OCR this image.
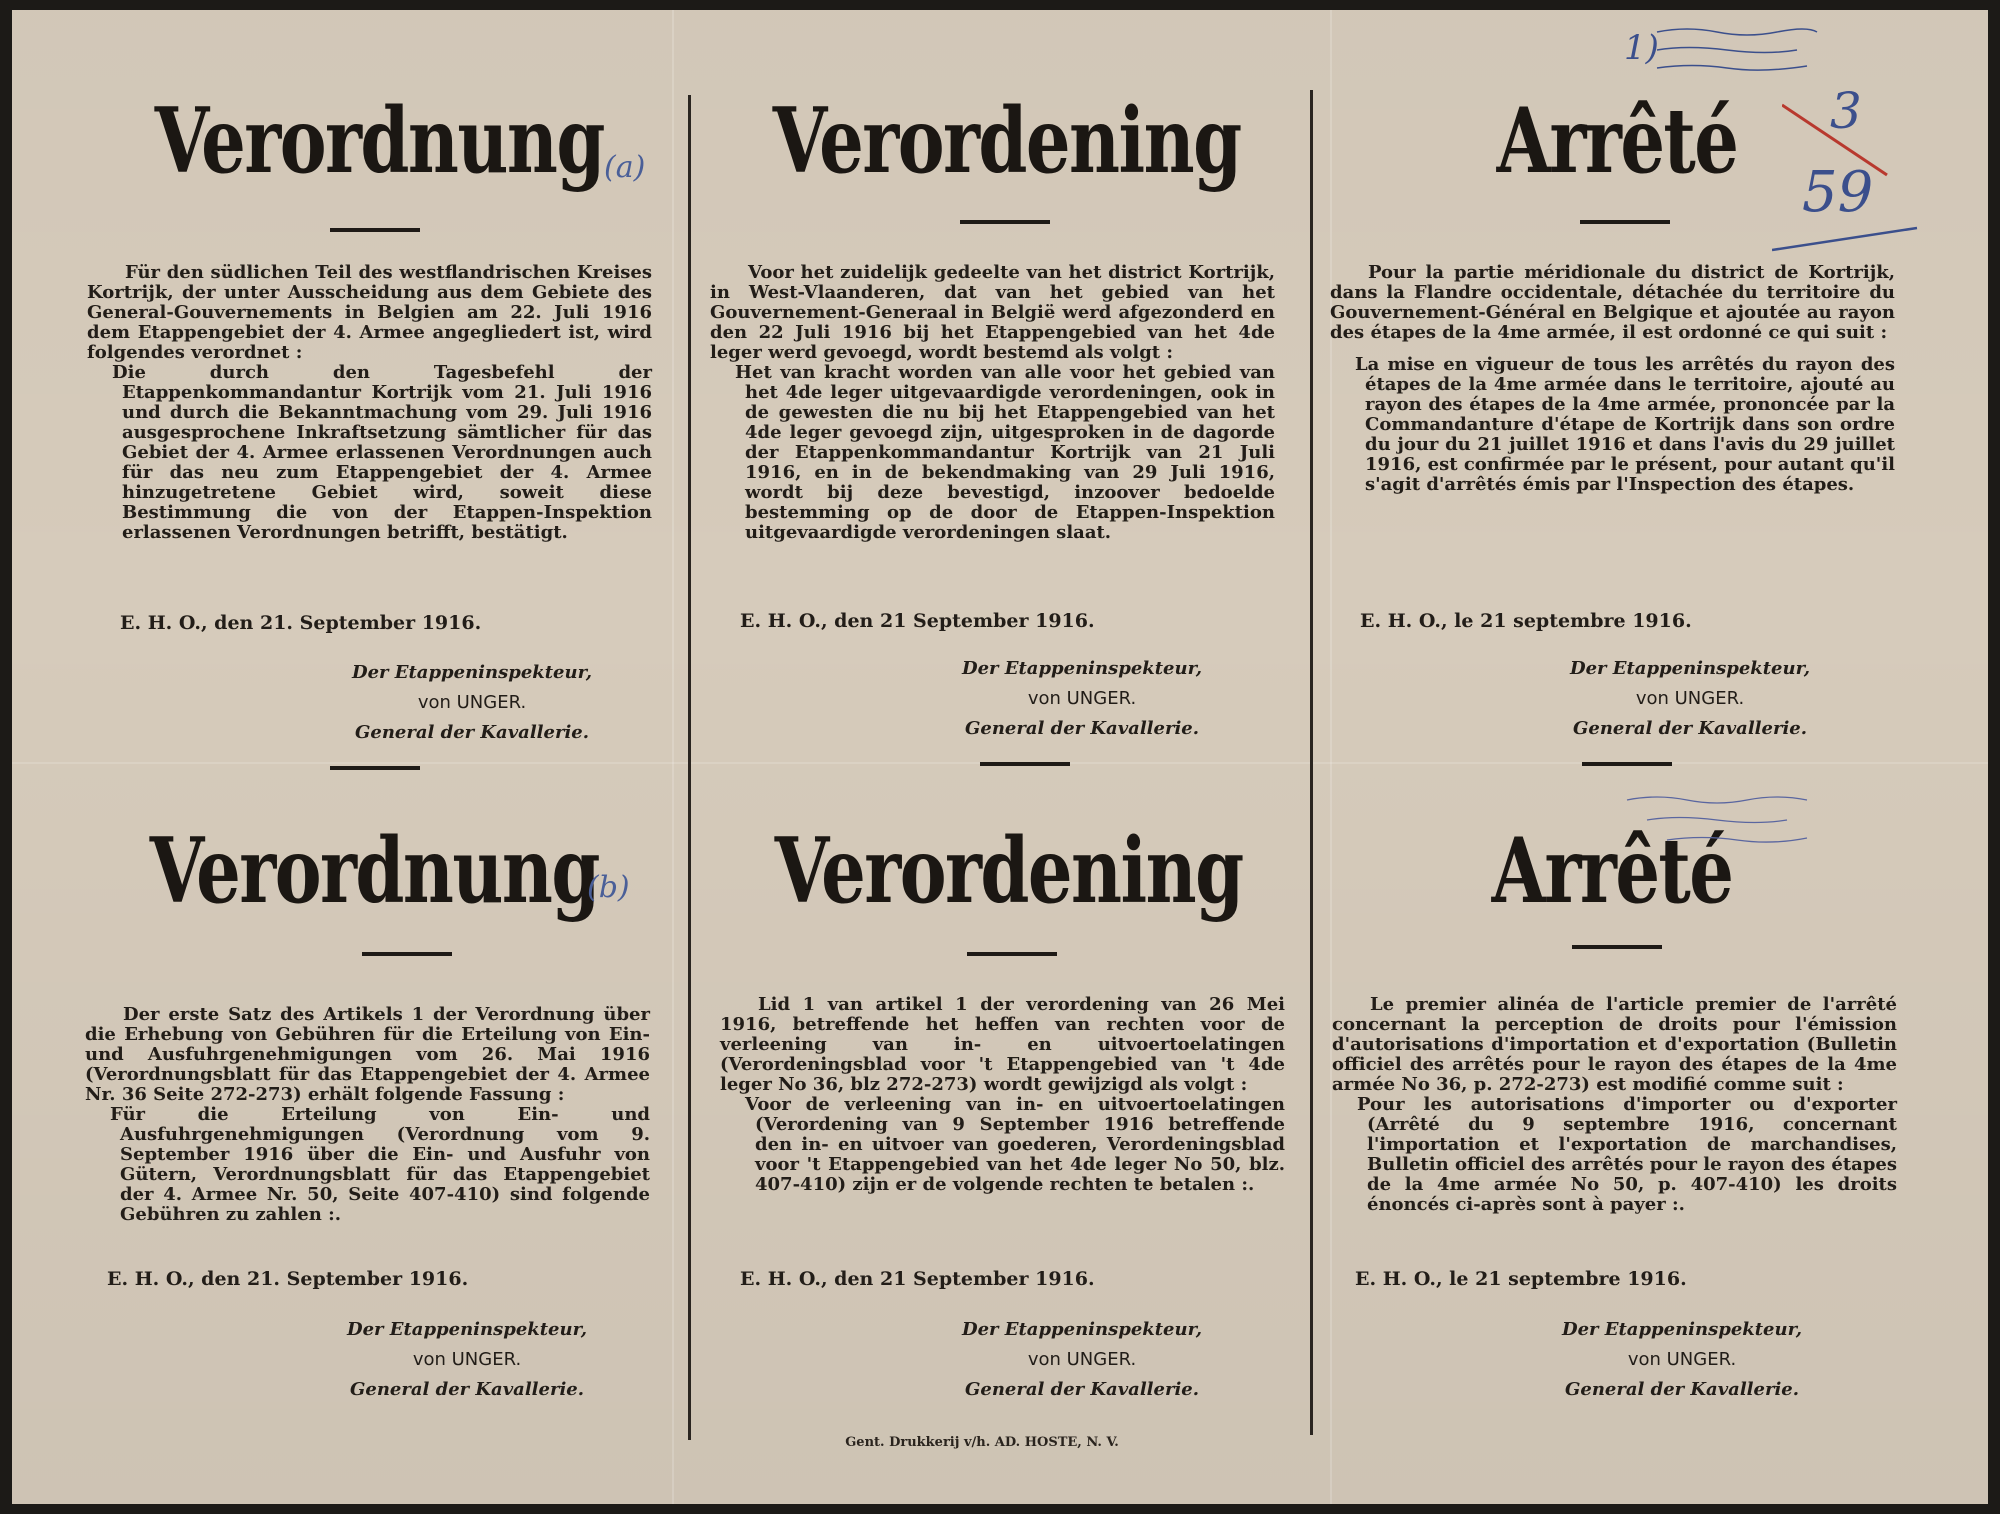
Verordnung

Für den südlichen Teil des westflandrischen Kreises Kortrijk, der unter Ausscheidung aus dem Gebiete des General-Gouvernements in Belgien am 22. Juli 1916 dem Etappengebiet der 4. Armee angegliedert ist, wird folgendes verordnet :

Die durch den Tagesbefehl der Etappenkommandantur Kortrijk vom 21. Juli 1916 und durch die Bekanntmachung vom 29. Juli 1916 ausgesprochene Inkraftsetzung sämtlicher für das Gebiet der 4. Armee erlassenen Verordnungen auch für das neu zum Etappengebiet der 4. Armee hinzugetretene Gebiet wird, soweit diese Bestimmung die von der Etappen-Inspektion erlassenen Verordnungen betrifft, bestätigt.

E. H. O., den 21. September 1916.
Der Etappeninspekteur,
von UNGER.
General der Kavallerie.
Verordening

Voor het zuidelijk gedeelte van het district Kortrijk, in West-Vlaanderen, dat van het gebied van het Gouvernement-Generaal in België werd afgezonderd en den 22 Juli 1916 bij het Etappengebied van het 4de leger werd gevoegd, wordt bestemd als volgt :

Het van kracht worden van alle voor het gebied van het 4de leger uitgevaardigde verordeningen, ook in de gewesten die nu bij het Etappengebied van het 4de leger gevoegd zijn, uitgesproken in de dagorde der Etappenkommandantur Kortrijk van 21 Juli 1916, en in de bekendmaking van 29 Juli 1916, wordt bij deze bevestigd, inzoover bedoelde bestemming op de door de Etappen-Inspektion uitgevaardigde verordeningen slaat.

E. H. O., den 21 September 1916.
Der Etappeninspekteur,
von UNGER.
General der Kavallerie.
Arrêté

Pour la partie méridionale du district de Kortrijk, dans la Flandre occidentale, détachée du territoire du Gouvernement-Général en Belgique et ajoutée au rayon des étapes de la 4me armée, il est ordonné ce qui suit :

La mise en vigueur de tous les arrêtés du rayon des étapes de la 4me armée dans le territoire, ajouté au rayon des étapes de la 4me armée, prononcée par la Commandanture d'étape de Kortrijk dans son ordre du jour du 21 juillet 1916 et dans l'avis du 29 juillet 1916, est confirmée par le présent, pour autant qu'il s'agit d'arrêtés émis par l'Inspection des étapes.

E. H. O., le 21 septembre 1916.
Der Etappeninspekteur,
von UNGER.
General der Kavallerie.
Verordnung

Der erste Satz des Artikels 1 der Verordnung über die Erhebung von Gebühren für die Erteilung von Ein- und Ausfuhrgenehmigungen vom 26. Mai 1916 (Verordnungsblatt für das Etappengebiet der 4. Armee Nr. 36 Seite 272-273) erhält folgende Fassung :

Für die Erteilung von Ein- und Ausfuhrgenehmigungen (Verordnung vom 9. September 1916 über die Ein- und Ausfuhr von Gütern, Verordnungsblatt für das Etappengebiet der 4. Armee Nr. 50, Seite 407-410) sind folgende Gebühren zu zahlen :.

E. H. O., den 21. September 1916.
Der Etappeninspekteur,
von UNGER.
General der Kavallerie.
Verordening

Lid 1 van artikel 1 der verordening van 26 Mei 1916, betreffende het heffen van rechten voor de verleening van in- en uitvoertoelatingen (Verordeningsblad voor 't Etappengebied van 't 4de leger No 36, blz 272-273) wordt gewijzigd als volgt :

Voor de verleening van in- en uitvoertoelatingen (Verordening van 9 September 1916 betreffende den in- en uitvoer van goederen, Verordeningsblad voor 't Etappengebied van het 4de leger No 50, blz. 407-410) zijn er de volgende rechten te betalen :.

E. H. O., den 21 September 1916.
Der Etappeninspekteur,
von UNGER.
General der Kavallerie.
Arrêté

Le premier alinéa de l'article premier de l'arrêté concernant la perception de droits pour l'émission d'autorisations d'importation et d'exportation (Bulletin officiel des arrêtés pour le rayon des étapes de la 4me armée No 36, p. 272-273) est modifié comme suit :

Pour les autorisations d'importer ou d'exporter (Arrêté du 9 septembre 1916, concernant l'importation et l'exportation de marchandises, Bulletin officiel des arrêtés pour le rayon des étapes de la 4me armée No 50, p. 407-410) les droits énoncés ci-après sont à payer :.

E. H. O., le 21 septembre 1916.
Der Etappeninspekteur,
von UNGER.
General der Kavallerie.
Gent. Drukkerij v/h. AD. HOSTE, N. V.
1)
3
59
(a)
(b)
